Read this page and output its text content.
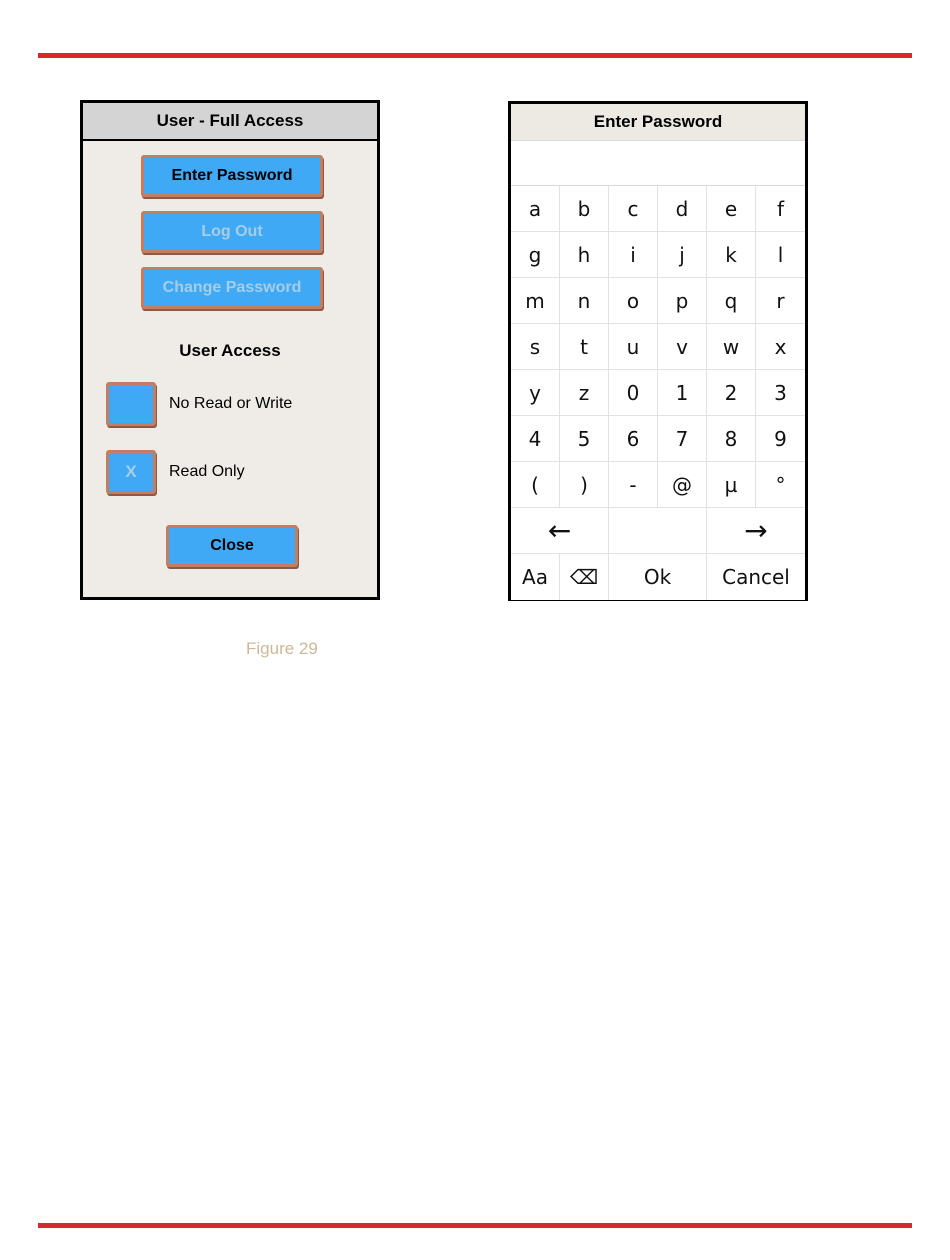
User - Full Access
Enter Password
Log Out
Change Password
User Access
No Read or Write
X	Read Only
Close
Enter Password
a	b	c	d	e	f
g	h	i	j	k	l
m	n	o	p	q	r
s	t	u	v	w	x
y	z	0	1	2	3
4	5	6	7	8	9
(	)	-	@	µ	°
←	→
Aa	⌫	Ok	Cancel
Figure 29
